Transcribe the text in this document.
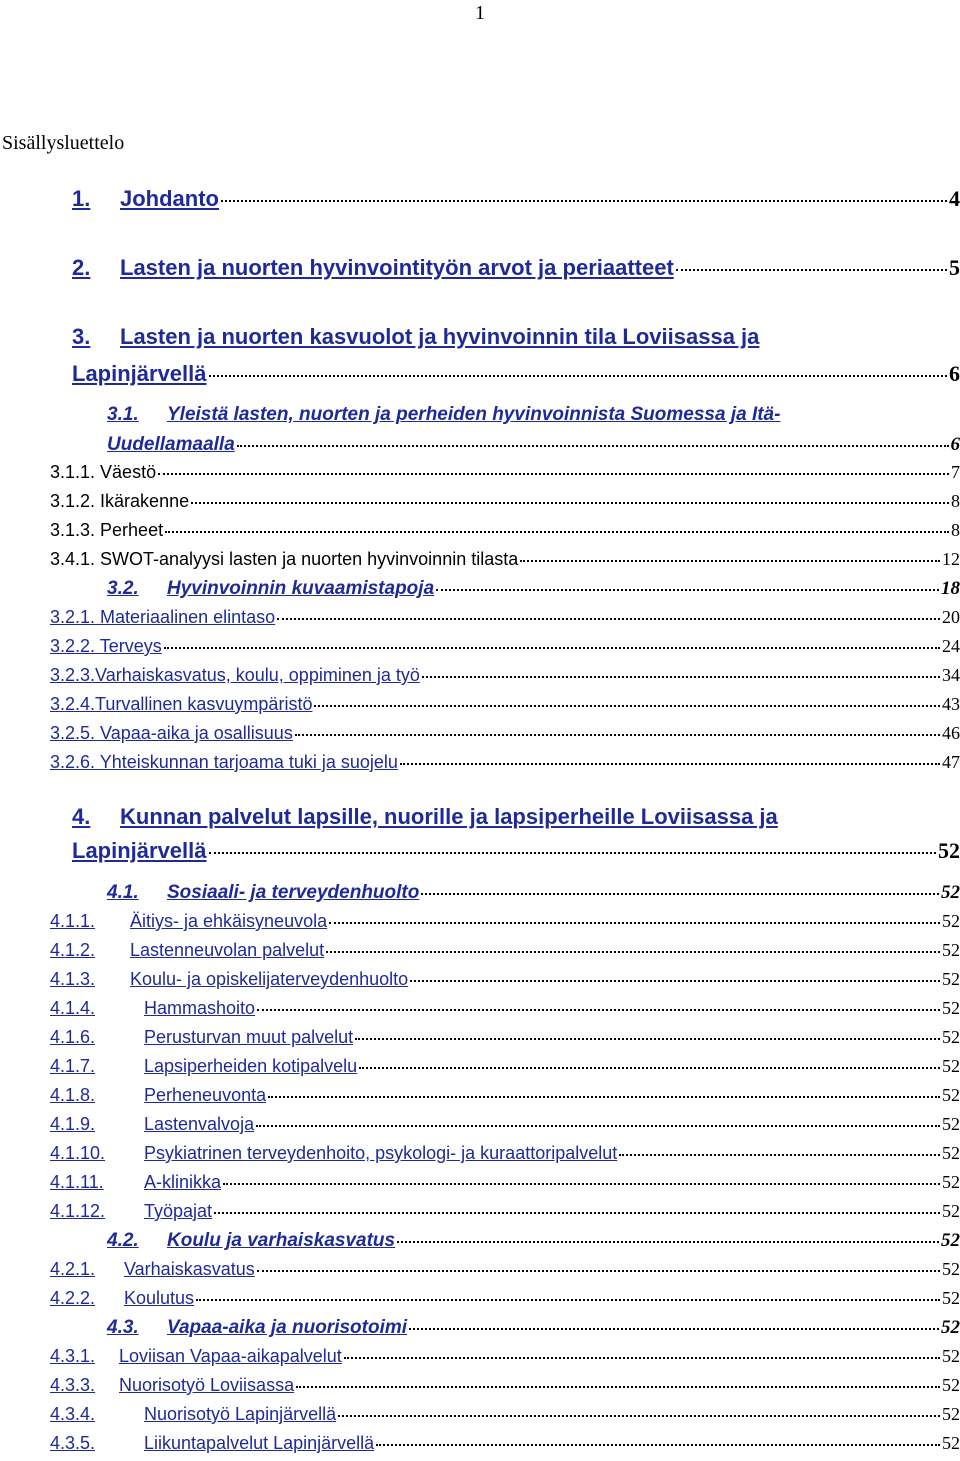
1
Sisällysluettelo
1.	Johdanto	4
2.	Lasten ja nuorten hyvinvointityön arvot ja periaatteet	5
3.	Lasten ja nuorten kasvuolot ja hyvinvoinnin tila Loviisassa ja
Lapinjärvellä	6
3.1.	Yleistä lasten, nuorten ja perheiden hyvinvoinnista Suomessa ja Itä-
Uudellamaalla	6
3.1.1. Väestö	7
3.1.2. Ikärakenne	8
3.1.3. Perheet	8
3.4.1. SWOT-analyysi lasten ja nuorten hyvinvoinnin tilasta	12
3.2.	Hyvinvoinnin kuvaamistapoja	18
3.2.1. Materiaalinen elintaso	20
3.2.2. Terveys	24
3.2.3.Varhaiskasvatus, koulu, oppiminen ja työ	34
3.2.4.Turvallinen kasvuympäristö	43
3.2.5. Vapaa-aika ja osallisuus	46
3.2.6. Yhteiskunnan tarjoama tuki ja suojelu	47
4.	Kunnan palvelut lapsille, nuorille ja lapsiperheille Loviisassa ja
Lapinjärvellä	52
4.1.	Sosiaali- ja terveydenhuolto	52
4.1.1.	Äitiys- ja ehkäisyneuvola	52
4.1.2.	Lastenneuvolan palvelut	52
4.1.3.	Koulu- ja opiskelijaterveydenhuolto	52
4.1.4.	Hammashoito	52
4.1.6.	Perusturvan muut palvelut	52
4.1.7.	Lapsiperheiden kotipalvelu	52
4.1.8.	Perheneuvonta	52
4.1.9.	Lastenvalvoja	52
4.1.10.	Psykiatrinen terveydenhoito, psykologi- ja kuraattoripalvelut	52
4.1.11.	A-klinikka	52
4.1.12.	Työpajat	52
4.2.	Koulu ja varhaiskasvatus	52
4.2.1.	Varhaiskasvatus	52
4.2.2.	Koulutus	52
4.3.	Vapaa-aika ja nuorisotoimi	52
4.3.1.	Loviisan Vapaa-aikapalvelut	52
4.3.3.	Nuorisotyö Loviisassa	52
4.3.4.	Nuorisotyö Lapinjärvellä	52
4.3.5.	Liikuntapalvelut Lapinjärvellä	52
